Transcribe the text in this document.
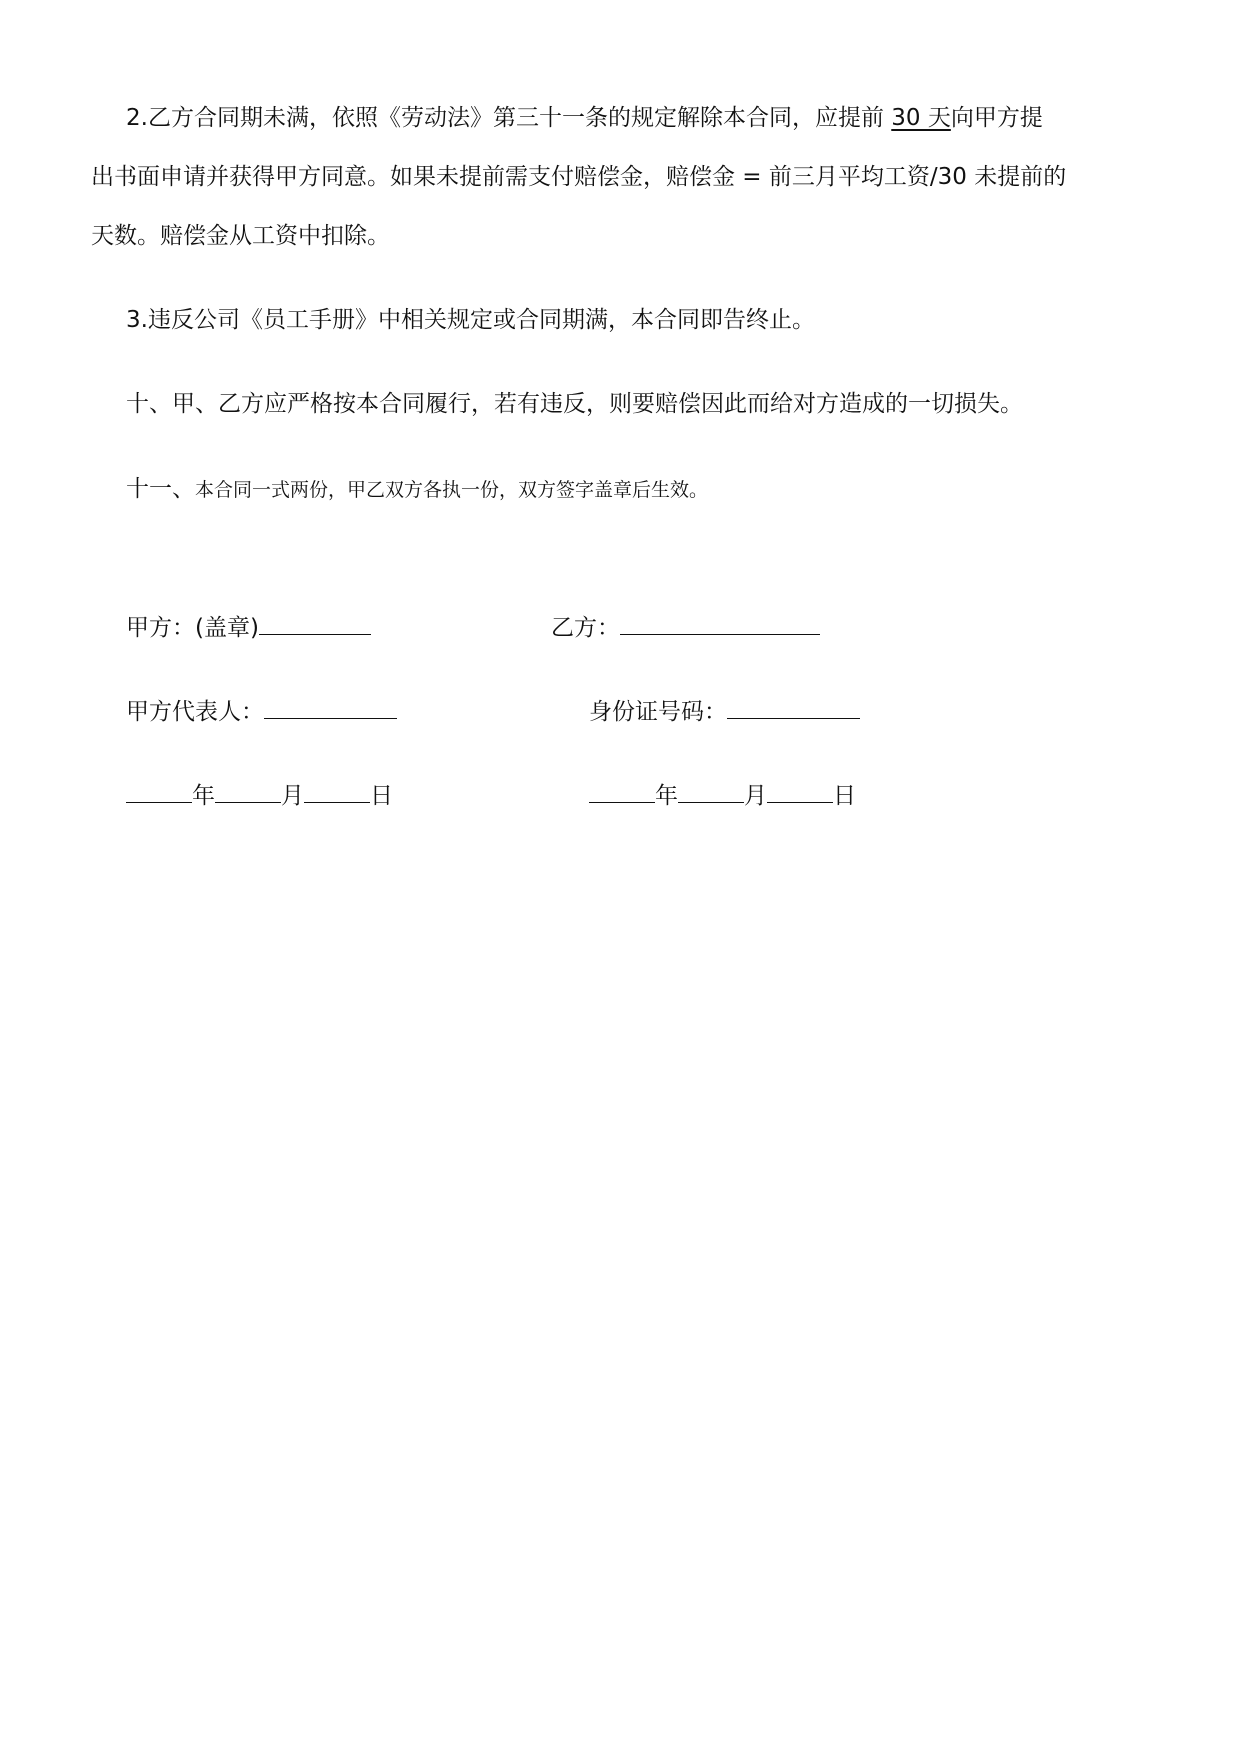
2.乙方合同期未满，依照《劳动法》第三十一条的规定解除本合同，应提前 30 天向甲方提
出书面申请并获得甲方同意。如果未提前需支付赔偿金，赔偿金 = 前三月平均工资/30 未提前的
天数。赔偿金从工资中扣除。
3.违反公司《员工手册》中相关规定或合同期满，本合同即告终止。
十、甲、乙方应严格按本合同履行，若有违反，则要赔偿因此而给对方造成的一切损失。
十一、本合同一式两份，甲乙双方各执一份，双方签字盖章后生效。
甲方：(盖章)	乙方：
甲方代表人：	身份证号码：
年	月	日	年	月	日
